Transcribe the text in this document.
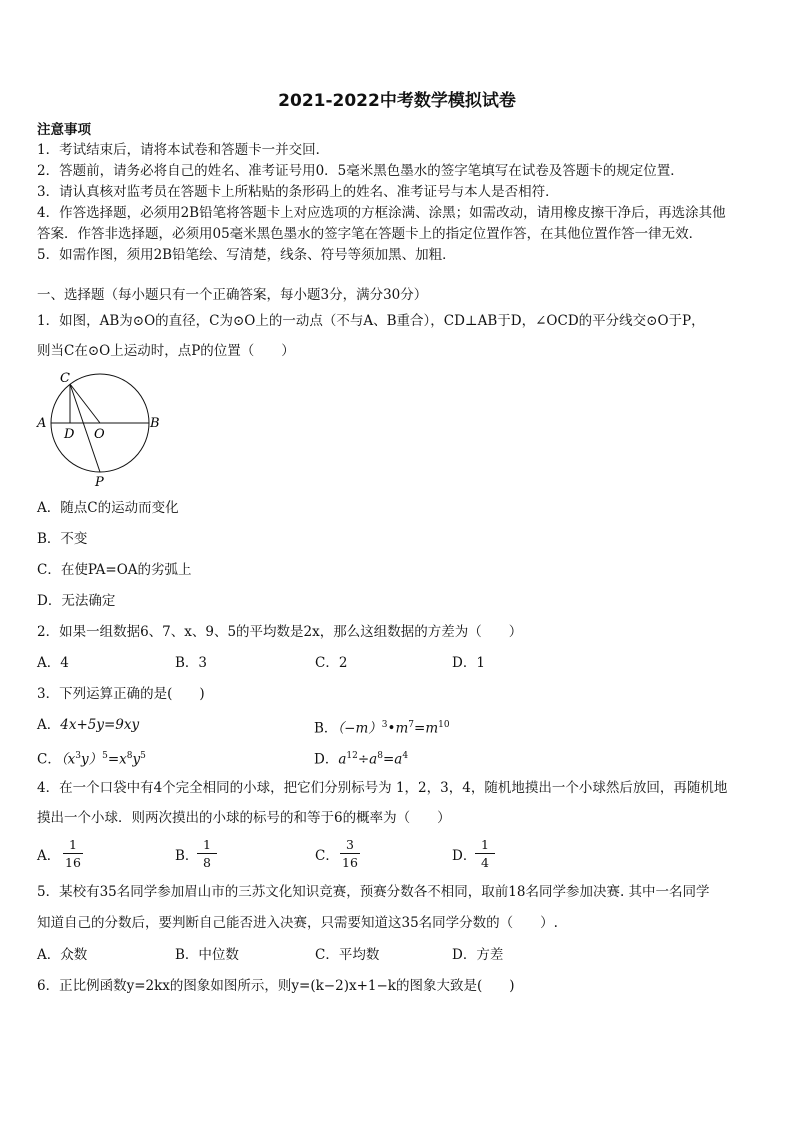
2021-2022中考数学模拟试卷
注意事项
1．考试结束后，请将本试卷和答题卡一并交回．
2．答题前，请务必将自己的姓名、准考证号用0．5毫米黑色墨水的签字笔填写在试卷及答题卡的规定位置．
3．请认真核对监考员在答题卡上所粘贴的条形码上的姓名、准考证号与本人是否相符．
4．作答选择题，必须用2B铅笔将答题卡上对应选项的方框涂满、涂黑；如需改动，请用橡皮擦干净后，再选涂其他
答案．作答非选择题，必须用05毫米黑色墨水的签字笔在答题卡上的指定位置作答，在其他位置作答一律无效．
5．如需作图，须用2B铅笔绘、写清楚，线条、符号等须加黑、加粗．
一、选择题（每小题只有一个正确答案，每小题3分，满分30分）
1．如图，AB为⊙O的直径，C为⊙O上的一动点（不与A、B重合），CD⊥AB于D，∠OCD的平分线交⊙O于P，
则当C在⊙O上运动时，点P的位置（　　）
C
A	B
D O
P
A．随点C的运动而变化
B．不变
C．在使PA=OA的劣弧上
D．无法确定
2．如果一组数据6、7、x、9、5的平均数是2x，那么这组数据的方差为（　　）
A．4	B．3	C．2	D．1
3．下列运算正确的是(　　)
A．4x+5y=9xy	B．$(-m)^3•m^7=m^{10}$
C．$(x^3y)^5=x^8y^5$	D．$a^{12}\div a^8=a^4$
4．在一个口袋中有4个完全相同的小球，把它们分别标号为 1，2，3，4，随机地摸出一个小球然后放回，再随机地
摸出一个小球．则两次摸出的小球的标号的和等于6的概率为（　　）
A．
1
16	B．
1
8	C．
3
16	D．
1
4
5．某校有35名同学参加眉山市的三苏文化知识竞赛，预赛分数各不相同，取前18名同学参加决赛. 其中一名同学
知道自己的分数后，要判断自己能否进入决赛，只需要知道这35名同学分数的（　　）.
A．众数	B．中位数	C．平均数	D．方差
6．正比例函数y=2kx的图象如图所示，则y=(k−2)x+1−k的图象大致是(　　)
